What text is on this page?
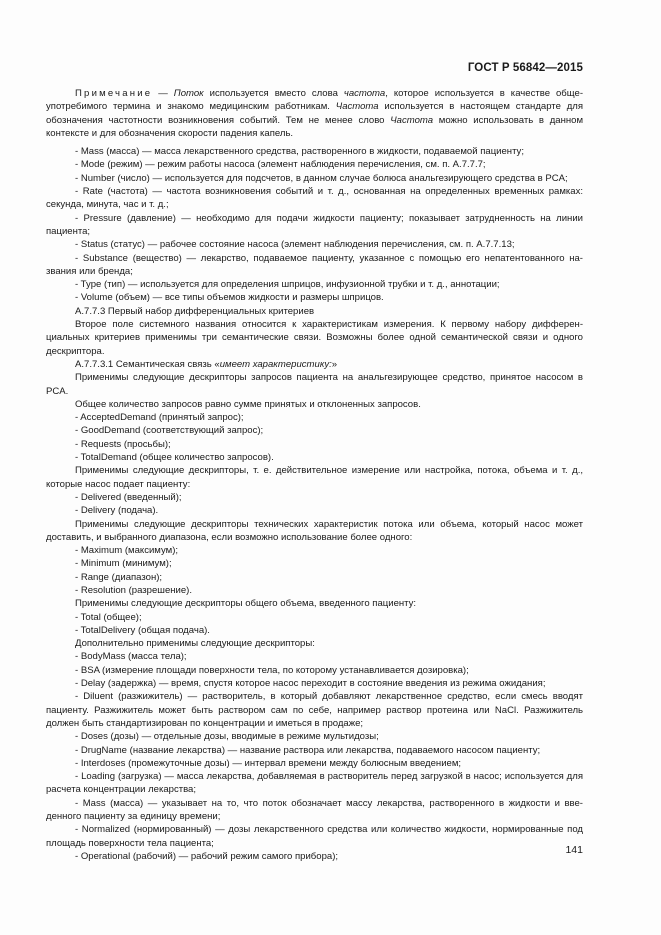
ГОСТ Р 56842—2015

Примечание — Поток используется вместо слова частота, которое используется в качестве обще-употребимого термина и знакомо медицинским работникам. Частота используется в настоящем стандарте для обозначения частотности возникновения событий. Тем не менее слово Частота можно использовать в данном контексте и для обозначения скорости падения капель.

- Mass (масса) — масса лекарственного средства, растворенного в жидкости, подаваемой пациенту;

- Mode (режим) — режим работы насоса (элемент наблюдения перечисления, см. п. А.7.7.7;

- Number (число) — используется для подсчетов, в данном случае болюса анальгезирующего средства в PCA;

- Rate (частота) — частота возникновения событий и т. д., основанная на определенных временных рамках: секунда, минута, час и т. д.;

- Pressure (давление) — необходимо для подачи жидкости пациенту; показывает затрудненность на линии пациента;

- Status (статус) — рабочее состояние насоса (элемент наблюдения перечисления, см. п. А.7.7.13;

- Substance (вещество) — лекарство, подаваемое пациенту, указанное с помощью его непатентованного на-звания или бренда;

- Type (тип) — используется для определения шприцов, инфузионной трубки и т. д., аннотации;

- Volume (объем) — все типы объемов жидкости и размеры шприцов.

А.7.7.3 Первый набор дифференциальных критериев

Второе поле системного названия относится к характеристикам измерения. К первому набору дифферен-циальных критериев применимы три семантические связи. Возможны более одной семантической связи и одного дескриптора.

А.7.7.3.1 Семантическая связь «имеет характеристику:»

Применимы следующие дескрипторы запросов пациента на анальгезирующее средство, принятое насосом в PCA.

Общее количество запросов равно сумме принятых и отклоненных запросов.

- AcceptedDemand (принятый запрос);

- GoodDemand (соответствующий запрос);

- Requests (просьбы);

- TotalDemand (общее количество запросов).

Применимы следующие дескрипторы, т. е. действительное измерение или настройка, потока, объема и т. д., которые насос подает пациенту:

- Delivered (введенный);

- Delivery (подача).

Применимы следующие дескрипторы технических характеристик потока или объема, который насос может доставить, и выбранного диапазона, если возможно использование более одного:

- Maximum (максимум);

- Minimum (минимум);

- Range (диапазон);

- Resolution (разрешение).

Применимы следующие дескрипторы общего объема, введенного пациенту:

- Total (общее);

- TotalDelivery (общая подача).

Дополнительно применимы следующие дескрипторы:

- BodyMass (масса тела);

- BSA (измерение площади поверхности тела, по которому устанавливается дозировка);

- Delay (задержка) — время, спустя которое насос переходит в состояние введения из режима ожидания;

- Diluent (разжижитель) — растворитель, в который добавляют лекарственное средство, если смесь вводят пациенту. Разжижитель может быть раствором сам по себе, например раствор протеина или NaCl. Разжижитель должен быть стандартизирован по концентрации и иметься в продаже;

- Doses (дозы) — отдельные дозы, вводимые в режиме мультидозы;

- DrugName (название лекарства) — название раствора или лекарства, подаваемого насосом пациенту;

- Interdoses (промежуточные дозы) — интервал времени между болюсным введением;

- Loading (загрузка) — масса лекарства, добавляемая в растворитель перед загрузкой в насос; используется для расчета концентрации лекарства;

- Mass (масса) — указывает на то, что поток обозначает массу лекарства, растворенного в жидкости и вве-денного пациенту за единицу времени;

- Normalized (нормированный) — дозы лекарственного средства или количество жидкости, нормированные под площадь поверхности тела пациента;

- Operational (рабочий) — рабочий режим самого прибора);

141
